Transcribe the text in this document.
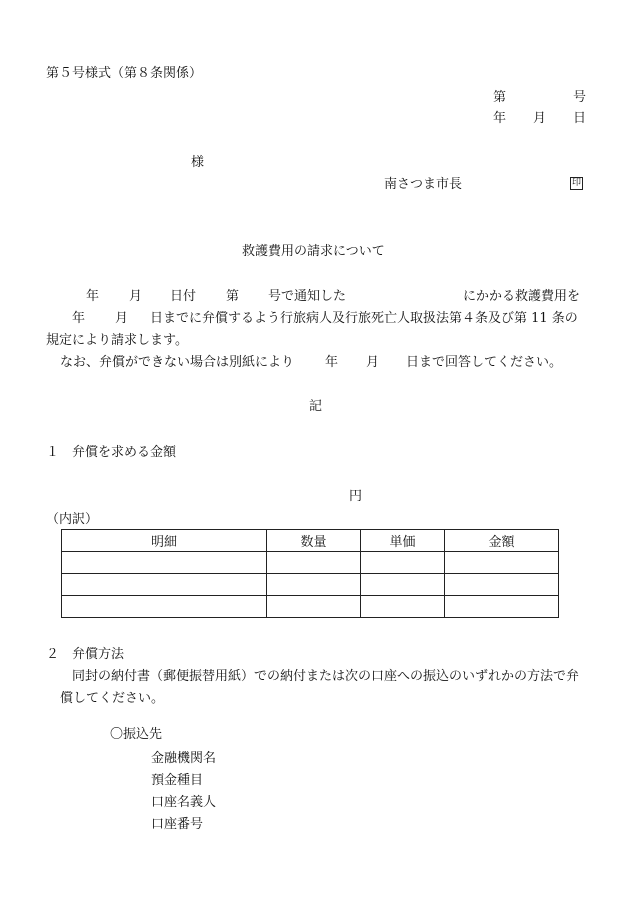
第５号様式（第８条関係）
第	号
年 月 日
様
南さつま市長	印
救護費用の請求について
年 月 日付 第 号で通知した	にかかる救護費用を
年 月 日までに弁償するよう行旅病人及行旅死亡人取扱法第４条及び第 11 条の
規定により請求します。
なお、弁償ができない場合は別紙により 年 月 日まで回答してください。
記
１　弁償を求める金額
円
（内訳）
明細	数量	単価	金額

２　弁償方法
同封の納付書（郵便振替用紙）での納付または次の口座への振込のいずれかの方法で弁
償してください。
〇振込先
金融機関名
預金種目
口座名義人
口座番号
